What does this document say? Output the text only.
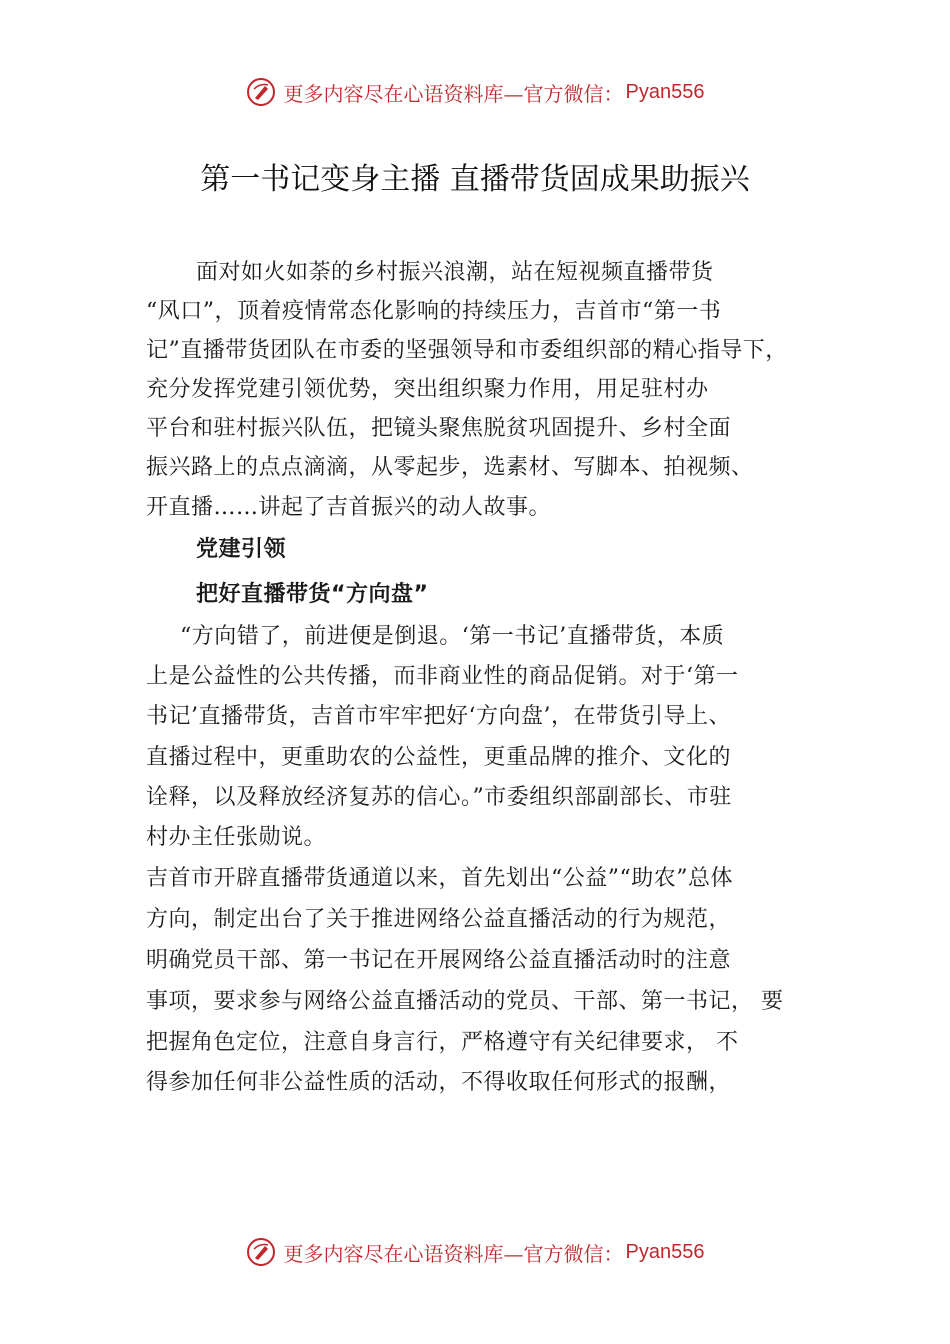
更多内容尽在心语资料库—官方微信： Pyan556
第一书记变身主播 直播带货固成果助振兴
面对如火如荼的乡村振兴浪潮，站在短视频直播带货
“风口”，顶着疫情常态化影响的持续压力，吉首市“第一书
记”直播带货团队在市委的坚强领导和市委组织部的精心指导下，
充分发挥党建引领优势，突出组织聚力作用，用足驻村办
平台和驻村振兴队伍，把镜头聚焦脱贫巩固提升、乡村全面
振兴路上的点点滴滴，从零起步，选素材、写脚本、拍视频、
开直播……讲起了吉首振兴的动人故事。
党建引领
把好直播带货“方向盘”
“方向错了，前进便是倒退。‘第一书记’直播带货，本质
上是公益性的公共传播，而非商业性的商品促销。对于‘第一
书记’直播带货，吉首市牢牢把好‘方向盘’，在带货引导上、
直播过程中，更重助农的公益性，更重品牌的推介、文化的
诠释，以及释放经济复苏的信心。”市委组织部副部长、市驻
村办主任张勋说。
吉首市开辟直播带货通道以来，首先划出“公益”“助农”总体
方向，制定出台了关于推进网络公益直播活动的行为规范，
明确党员干部、第一书记在开展网络公益直播活动时的注意
事项，要求参与网络公益直播活动的党员、干部、第一书记， 要
把握角色定位，注意自身言行，严格遵守有关纪律要求， 不
得参加任何非公益性质的活动，不得收取任何形式的报酬，
更多内容尽在心语资料库—官方微信： Pyan556
